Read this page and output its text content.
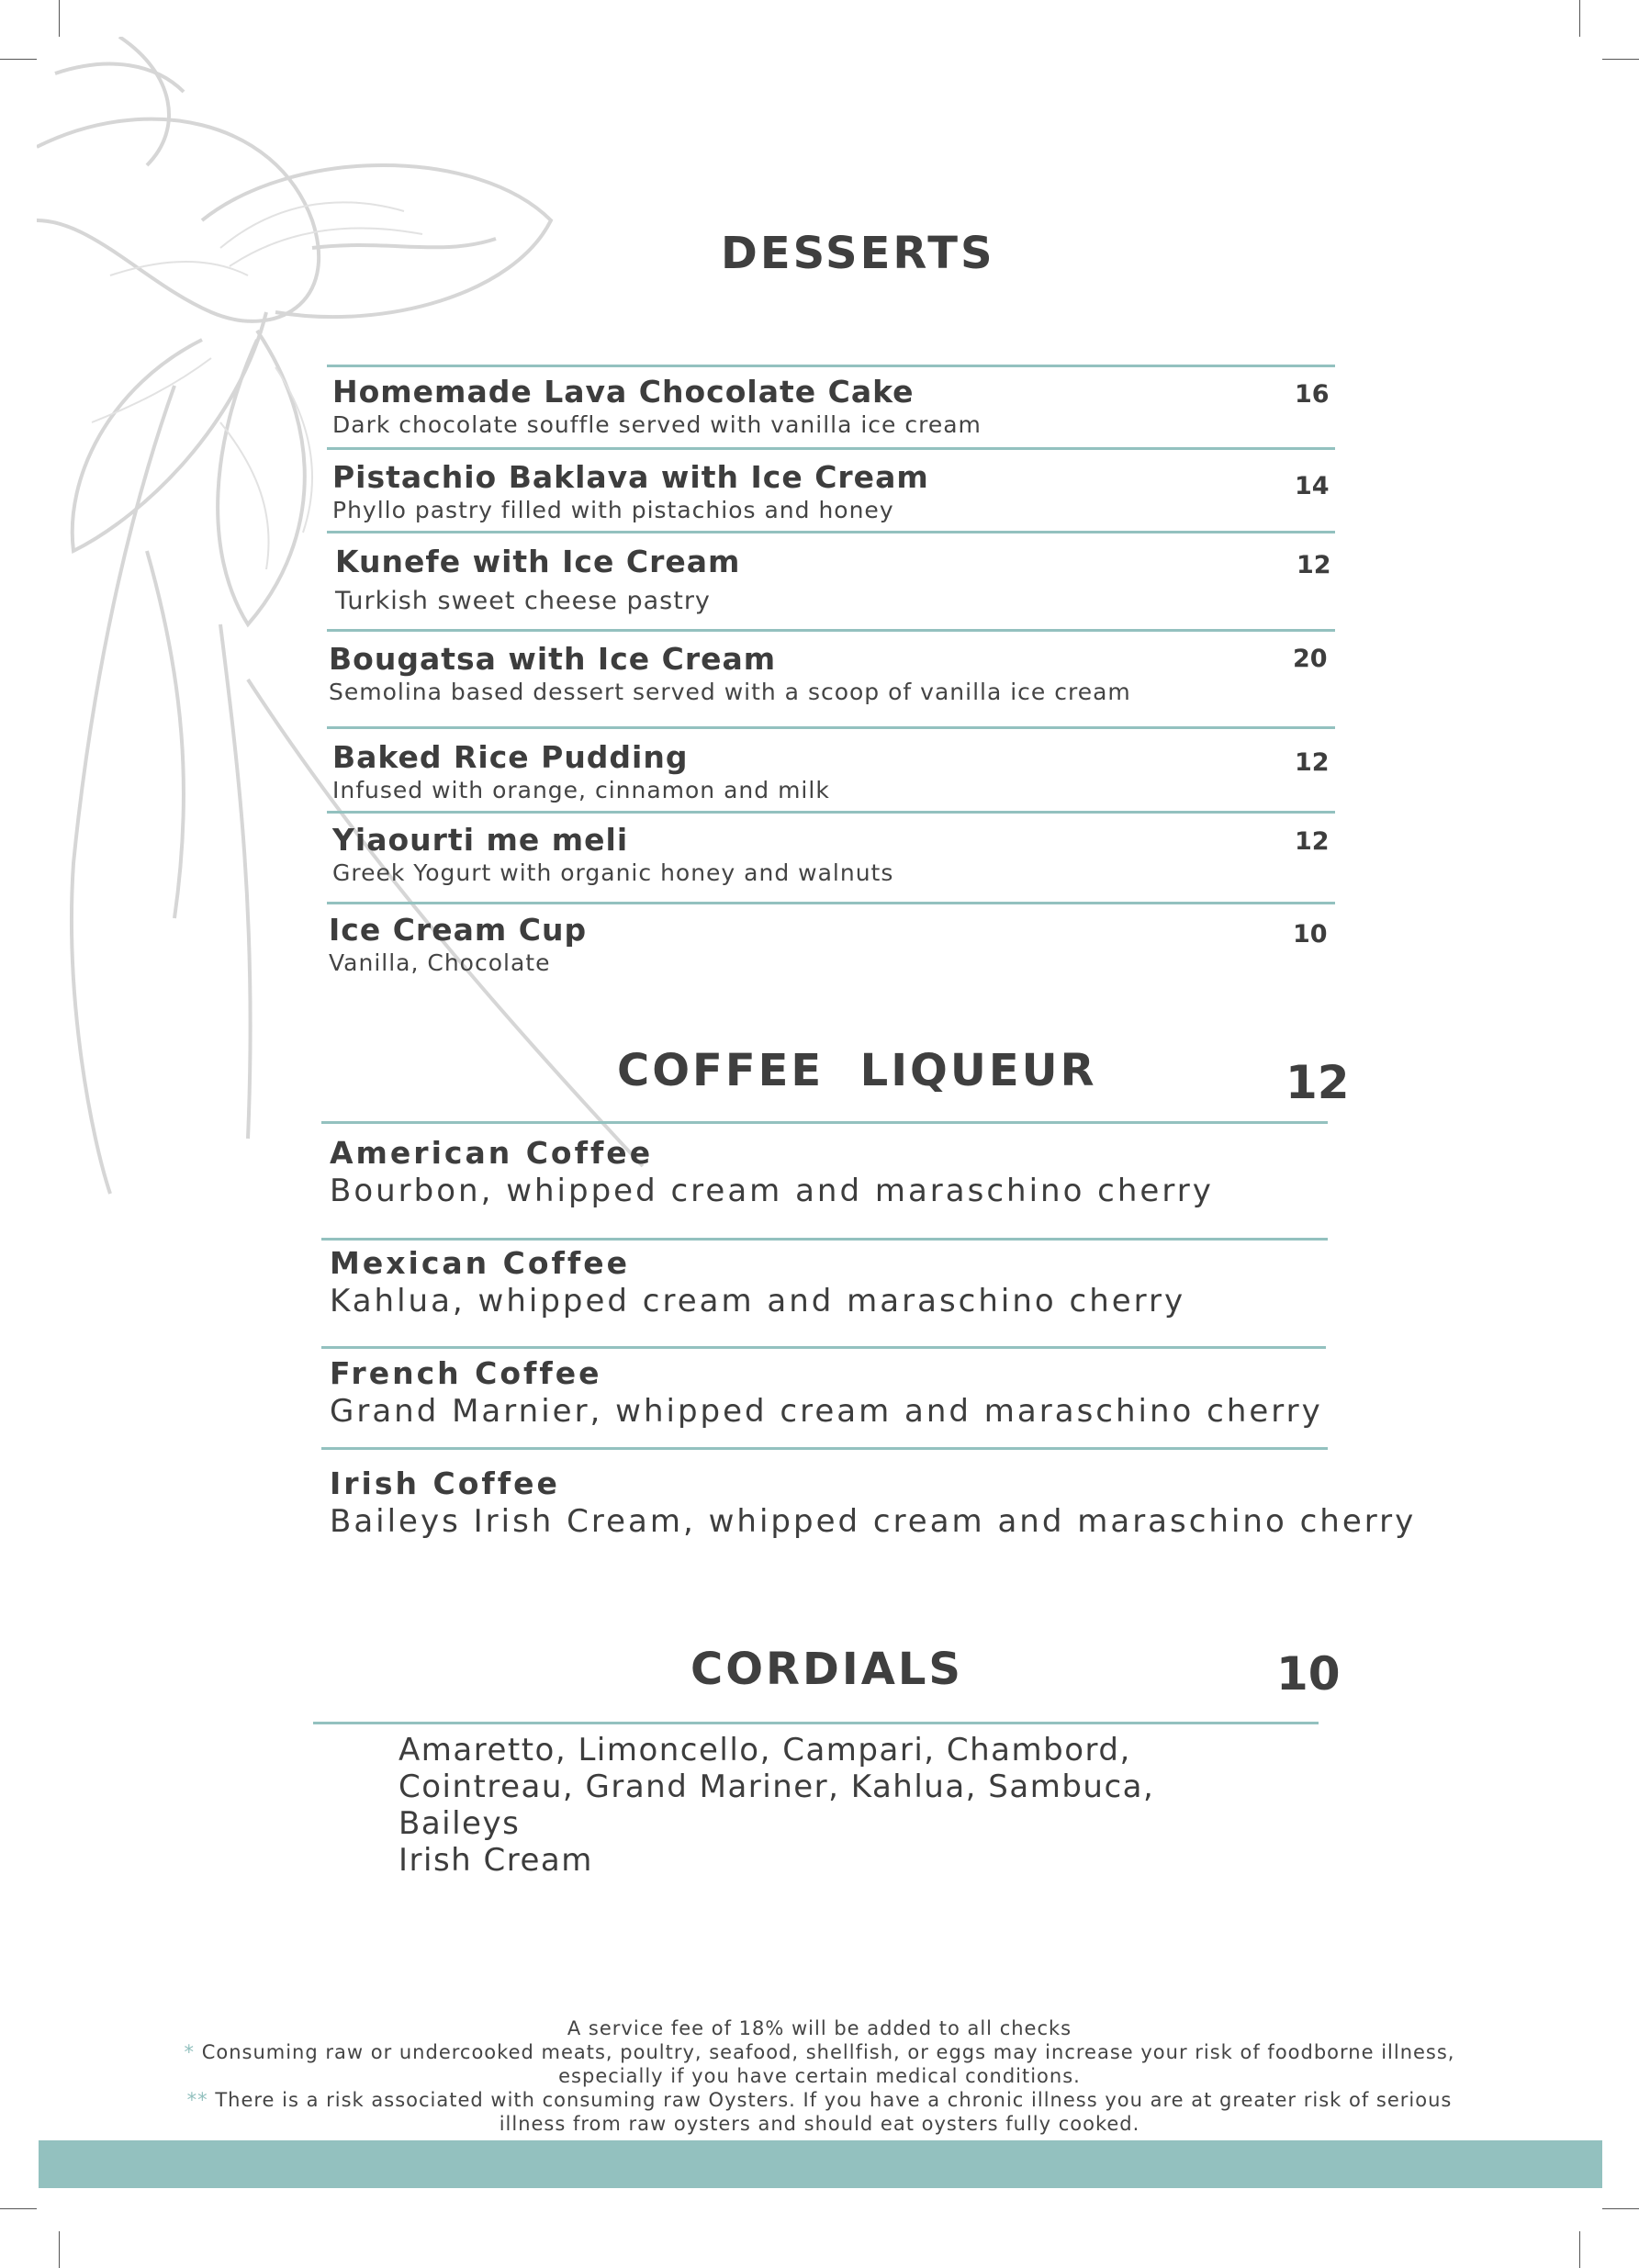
DESSERTS
Homemade Lava Chocolate Cake
Dark chocolate souffle served with vanilla ice cream
16
Pistachio Baklava with Ice Cream
Phyllo pastry filled with pistachios and honey
14
Kunefe with Ice Cream
Turkish sweet cheese pastry
12
Bougatsa with Ice Cream
Semolina based dessert served with a scoop of vanilla ice cream
20
Baked Rice Pudding
Infused with orange, cinnamon and milk
12
Yiaourti me meli
Greek Yogurt with organic honey and walnuts
12
Ice Cream Cup
Vanilla, Chocolate
10
COFFEE  LIQUEUR	12
American Coffee
Bourbon, whipped cream and maraschino cherry
Mexican Coffee
Kahlua, whipped cream and maraschino cherry
French Coffee
Grand Marnier, whipped cream and maraschino cherry
Irish Coffee
Baileys Irish Cream, whipped cream and maraschino cherry
CORDIALS	10
Amaretto, Limoncello, Campari, Chambord,
Cointreau, Grand Mariner, Kahlua, Sambuca, Baileys
Irish Cream
A service fee of 18% will be added to all checks
* Consuming raw or undercooked meats, poultry, seafood, shellfish, or eggs may increase your risk of foodborne illness,
especially if you have certain medical conditions.
** There is a risk associated with consuming raw Oysters. If you have a chronic illness you are at greater risk of serious
illness from raw oysters and should eat oysters fully cooked.
